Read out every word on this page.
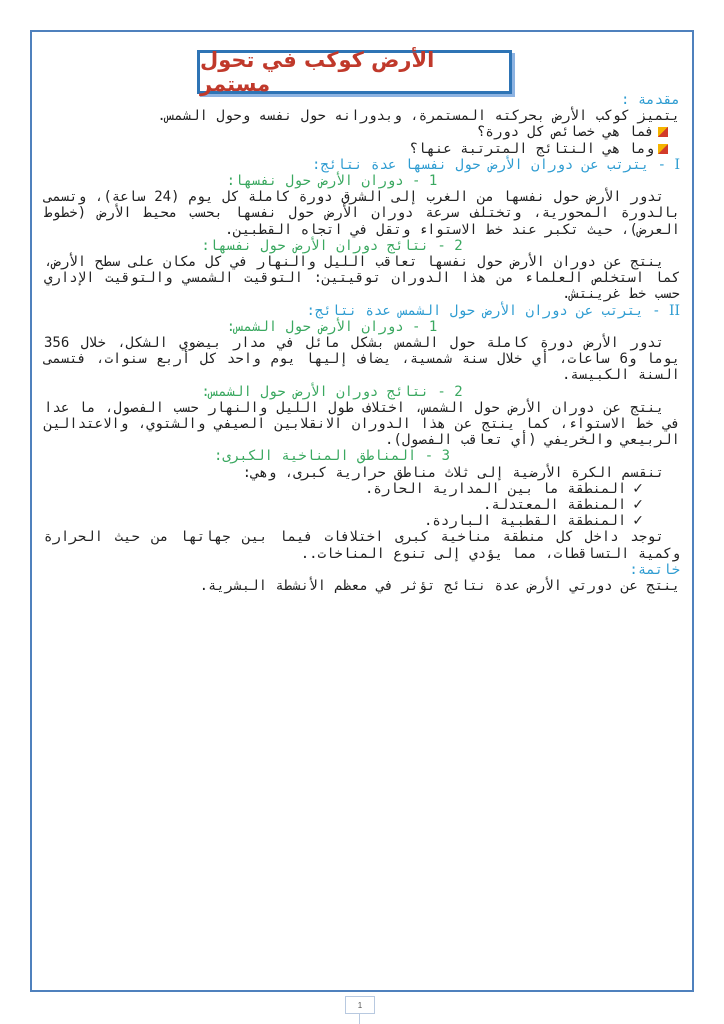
الأرض كوكب في تحول مستمر

مقدمة :

يتميز كوكب الأرض بحركته المستمرة، وبدورانه حول نفسه وحول الشمس.

فما هي خصائص كل دورة؟

وما هي النتائج المترتبة عنها؟

I - يترتب عن دوران الأرض حول نفسها عدة نتائج:

1 - دوران الأرض حول نفسها:

تدور الأرض حول نفسها من الغرب إلى الشرق دورة كاملة كل يوم (24 ساعة)، وتسمى بالدورة المحورية، وتختلف سرعة دوران الأرض حول نفسها بحسب محيط الأرض (خطوط العرض)، حيث تكبر عند خط الاستواء وتقل في اتجاه القطبين.

2 - نتائج دوران الأرض حول نفسها:

ينتج عن دوران الأرض حول نفسها تعاقب الليل والنهار في كل مكان على سطح الأرض، كما استخلص العلماء من هذا الدوران توقيتين: التوقيت الشمسي والتوقيت الإداري حسب خط غرينتش.

II - يترتب عن دوران الأرض حول الشمس عدة نتائج:

1 - دوران الأرض حول الشمس:

تدور الأرض دورة كاملة حول الشمس بشكل مائل في مدار بيضوي الشكل، خلال 356 يوما و6 ساعات، أي خلال سنة شمسية، يضاف إليها يوم واحد كل أربع سنوات، فتسمى السنة الكبيسة.

2 - نتائج دوران الأرض حول الشمس:

ينتج عن دوران الأرض حول الشمس، اختلاف طول الليل والنهار حسب الفصول، ما عدا في خط الاستواء، كما ينتج عن هذا الدوران الانقلابين الصيفي والشتوي، والاعتدالين الربيعي والخريفي (أي تعاقب الفصول).

3 - المناطق المناخية الكبرى:

تنقسم الكرة الأرضية إلى ثلاث مناطق حرارية كبرى، وهي:

✓المنطقة ما بين المدارية الحارة.

✓المنطقة المعتدلة.

✓المنطقة القطبية الباردة.

توجد داخل كل منطقة مناخية كبرى اختلافات فيما بين جهاتها من حيث الحرارة وكمية التساقطات، مما يؤدي إلى تنوع المناخات..

خاتمة:

ينتج عن دورتي الأرض عدة نتائج تؤثر في معظم الأنشطة البشرية.

1
